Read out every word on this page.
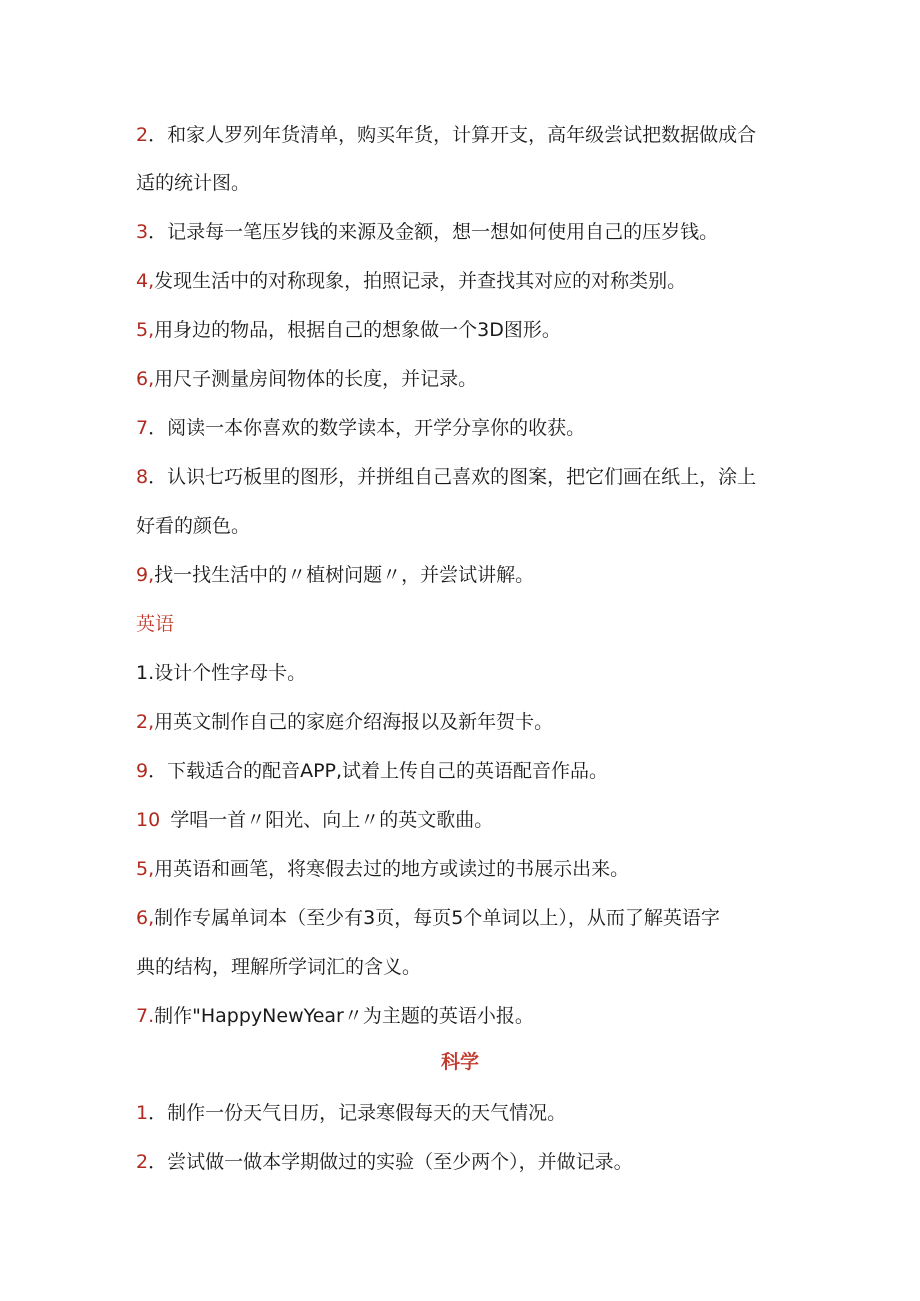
2．和家人罗列年货清单，购买年货，计算开支，高年级尝试把数据做成合
适的统计图。
3．记录每一笔压岁钱的来源及金额，想一想如何使用自己的压岁钱。
4,发现生活中的对称现象，拍照记录，并查找其对应的对称类别。
5,用身边的物品，根据自己的想象做一个3D图形。
6,用尺子测量房间物体的长度，并记录。
7．阅读一本你喜欢的数学读本，开学分享你的收获。
8．认识七巧板里的图形，并拼组自己喜欢的图案，把它们画在纸上，涂上
好看的颜色。
9,找一找生活中的〃植树问题〃，并尝试讲解。
英语
1.设计个性字母卡。
2,用英文制作自己的家庭介绍海报以及新年贺卡。
9．下载适合的配音APP,试着上传自己的英语配音作品。
10 学唱一首〃阳光、向上〃的英文歌曲。
5,用英语和画笔，将寒假去过的地方或读过的书展示出来。
6,制作专属单词本（至少有3页，每页5个单词以上），从而了解英语字
典的结构，理解所学词汇的含义。
7.制作"HappyNewYear〃为主题的英语小报。
科学
1．制作一份天气日历，记录寒假每天的天气情况。
2．尝试做一做本学期做过的实验（至少两个），并做记录。
